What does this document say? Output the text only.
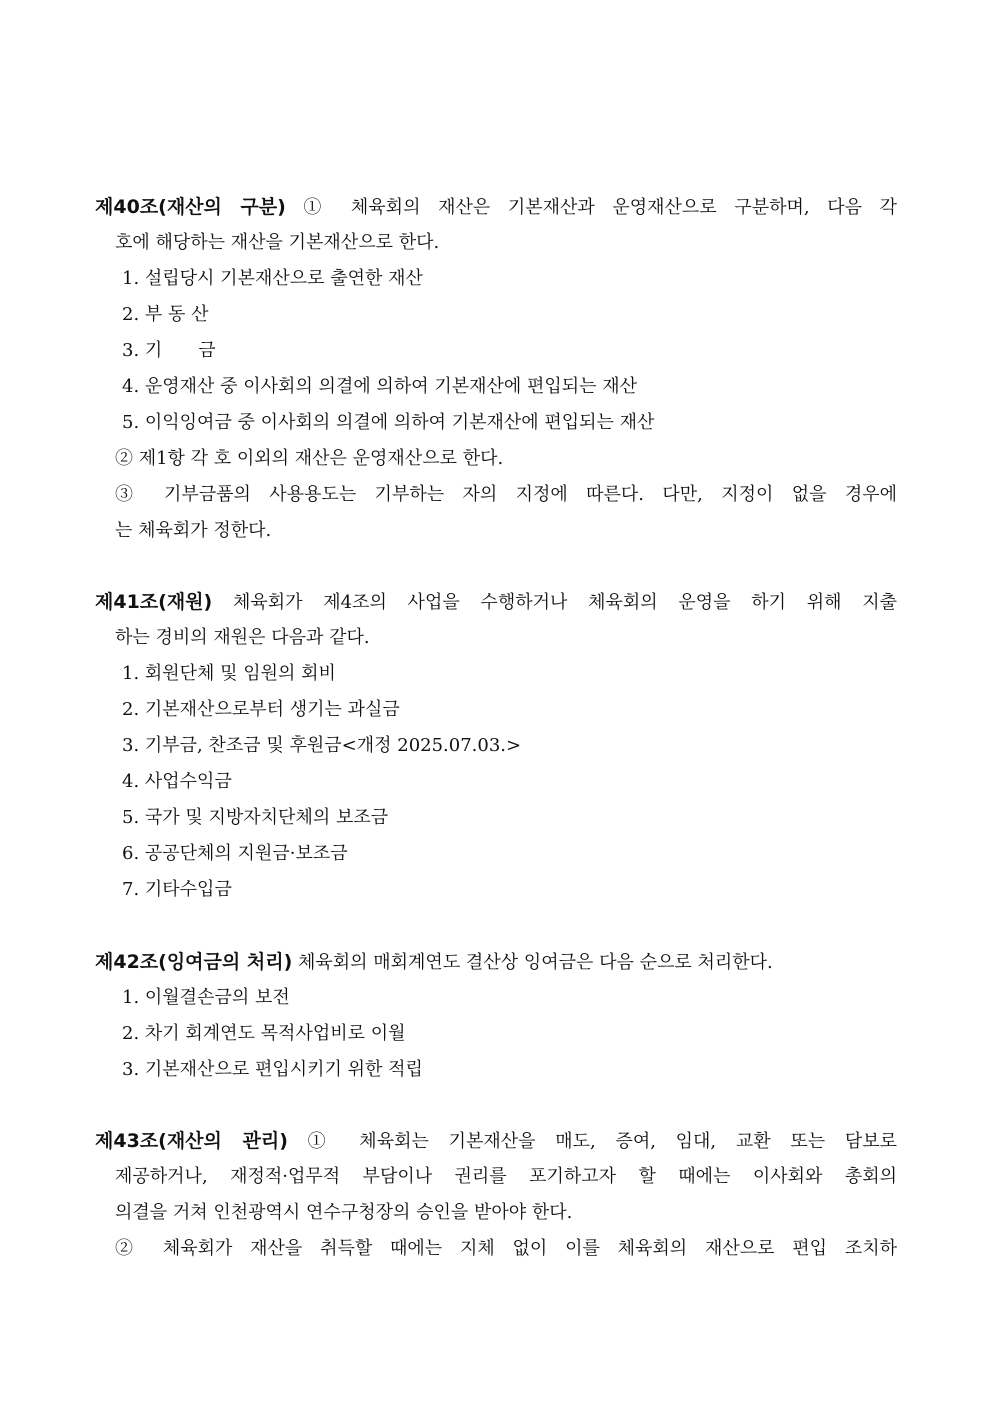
제40조(재산의 구분) ① 체육회의 재산은 기본재산과 운영재산으로 구분하며, 다음 각
호에 해당하는 재산을 기본재산으로 한다.
1. 설립당시 기본재산으로 출연한 재산
2. 부 동 산
3. 기　　금
4. 운영재산 중 이사회의 의결에 의하여 기본재산에 편입되는 재산
5. 이익잉여금 중 이사회의 의결에 의하여 기본재산에 편입되는 재산
② 제1항 각 호 이외의 재산은 운영재산으로 한다.
③ 기부금품의 사용용도는 기부하는 자의 지정에 따른다. 다만, 지정이 없을 경우에
는 체육회가 정한다.
제41조(재원) 체육회가 제4조의 사업을 수행하거나 체육회의 운영을 하기 위해 지출
하는 경비의 재원은 다음과 같다.
1. 회원단체 및 임원의 회비
2. 기본재산으로부터 생기는 과실금
3. 기부금, 찬조금 및 후원금<개정 2025.07.03.>
4. 사업수익금
5. 국가 및 지방자치단체의 보조금
6. 공공단체의 지원금·보조금
7. 기타수입금
제42조(잉여금의 처리) 체육회의 매회계연도 결산상 잉여금은 다음 순으로 처리한다.
1. 이월결손금의 보전
2. 차기 회계연도 목적사업비로 이월
3. 기본재산으로 편입시키기 위한 적립
제43조(재산의 관리) ① 체육회는 기본재산을 매도, 증여, 임대, 교환 또는 담보로
제공하거나, 재정적·업무적 부담이나 권리를 포기하고자 할 때에는 이사회와 총회의
의결을 거쳐 인천광역시 연수구청장의 승인을 받아야 한다.
② 체육회가 재산을 취득할 때에는 지체 없이 이를 체육회의 재산으로 편입 조치하
